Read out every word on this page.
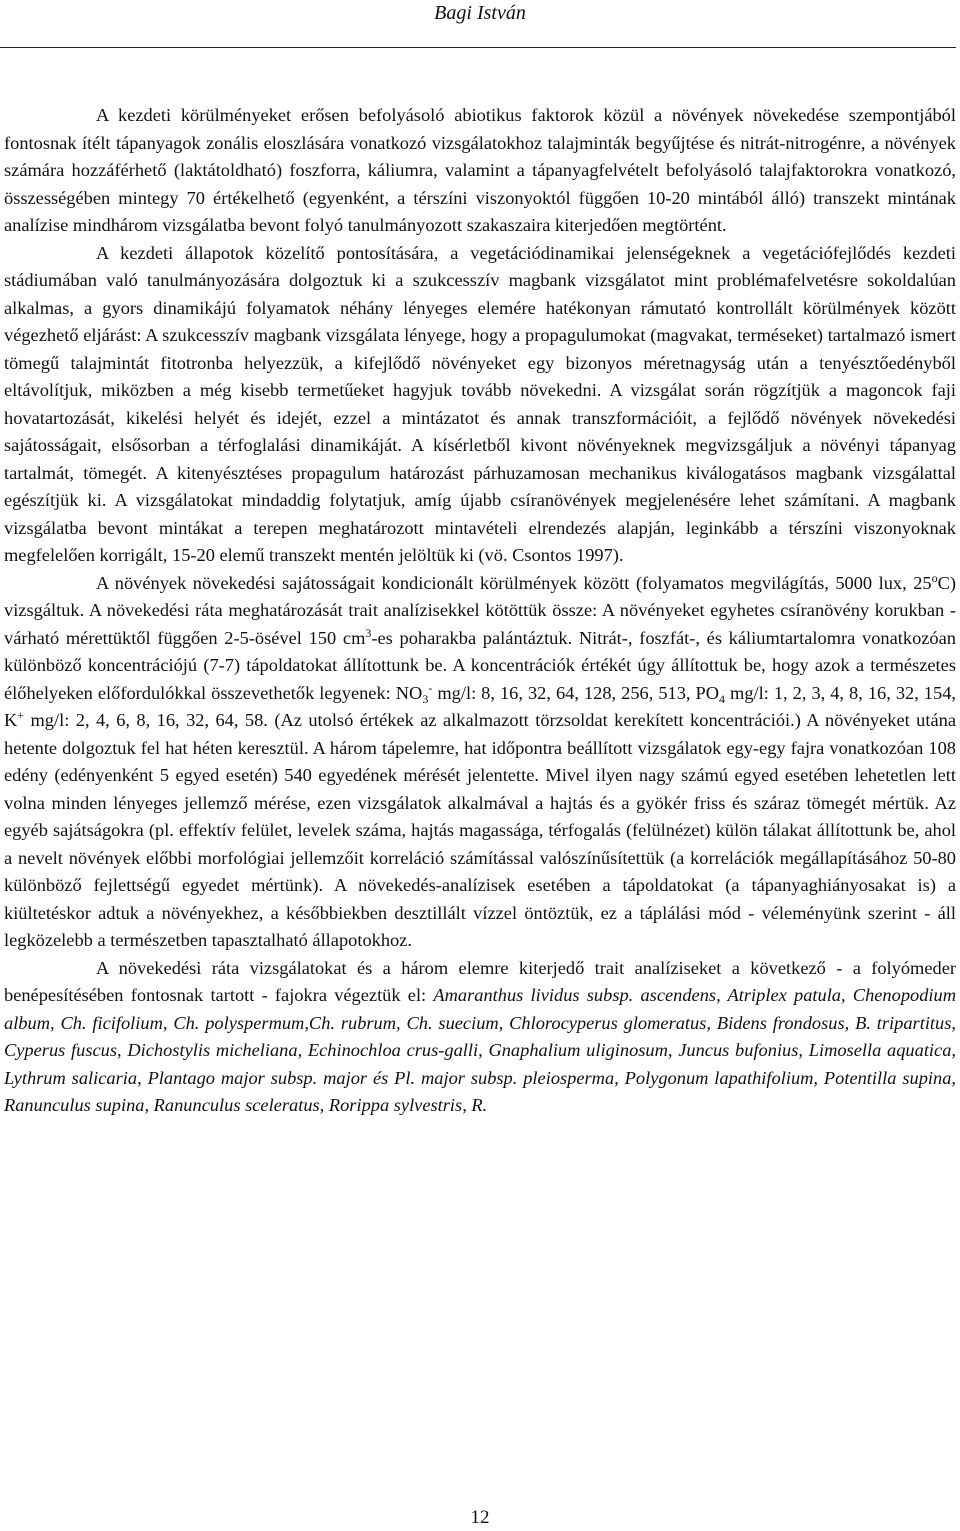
Bagi István

A kezdeti körülményeket erősen befolyásoló abiotikus faktorok közül a növények növekedése szempontjából fontosnak ítélt tápanyagok zonális eloszlására vonatkozó vizsgálatokhoz talajminták begyűjtése és nitrát-nitrogénre, a növények számára hozzáférhető (laktátoldható) foszforra, káliumra, valamint a tápanyagfelvételt befolyásoló talajfaktorokra vonatkozó, összességében mintegy 70 értékelhető (egyenként, a térszíni viszonyoktól függően 10-20 mintából álló) transzekt mintának analízise mindhárom vizsgálatba bevont folyó tanulmányozott szakaszaira kiterjedően megtörtént.

A kezdeti állapotok közelítő pontosítására, a vegetációdinamikai jelenségeknek a vegetációfejlődés kezdeti stádiumában való tanulmányozására dolgoztuk ki a szukcesszív magbank vizsgálatot mint problémafelvetésre sokoldalúan alkalmas, a gyors dinamikájú folyamatok néhány lényeges elemére hatékonyan rámutató kontrollált körülmények között végezhető eljárást: A szukcesszív magbank vizsgálata lényege, hogy a propagulumokat (magvakat, terméseket) tartalmazó ismert tömegű talajmintát fitotronba helyezzük, a kifejlődő növényeket egy bizonyos méretnagyság után a tenyésztőedényből eltávolítjuk, miközben a még kisebb termetűeket hagyjuk tovább növekedni. A vizsgálat során rögzítjük a magoncok faji hovatartozását, kikelési helyét és idejét, ezzel a mintázatot és annak transzformációit, a fejlődő növények növekedési sajátosságait, elsősorban a térfoglalási dinamikáját. A kísérletből kivont növényeknek megvizsgáljuk a növényi tápanyag tartalmát, tömegét. A kitenyésztéses propagulum határozást párhuzamosan mechanikus kiválogatásos magbank vizsgálattal egészítjük ki. A vizsgálatokat mindaddig folytatjuk, amíg újabb csíranövények megjelenésére lehet számítani. A magbank vizsgálatba bevont mintákat a terepen meghatározott mintavételi elrendezés alapján, leginkább a térszíni viszonyoknak megfelelően korrigált, 15-20 elemű transzekt mentén jelöltük ki (vö. Csontos 1997).

A növények növekedési sajátosságait kondicionált körülmények között (folyamatos megvilágítás, 5000 lux, 25$^o$C) vizsgáltuk. A növekedési ráta meghatározását trait analízisekkel kötöttük össze: A növényeket egyhetes csíranövény korukban - várható mérettüktől függően 2-5-ösével 150 $cm^3-es$ poharakba palántáztuk. Nitrát-, foszfát-, és káliumtartalomra vonatkozóan különböző koncentrációjú (7-7) tápoldatokat állítottunk be. A koncentrációk értékét úgy állítottuk be, hogy azok a természetes élőhelyeken előfordulókkal összevethetők legyenek: $NO_3^-$ mg/l: 8, 16, 32, 64, 128, 256, 513, $PO_4$ mg/l: 1, 2, 3, 4, 8, 16, 32, 154, K+ mg/l: 2, 4, 6, 8, 16, 32, 64, 58. (Az utolsó értékek az alkalmazott törzsoldat kerekített koncentrációi.) A növényeket utána hetente dolgoztuk fel hat héten keresztül. A három tápelemre, hat időpontra beállított vizsgálatok egy-egy fajra vonatkozóan 108 edény (edényenként 5 egyed esetén) 540 egyedének mérését jelentette. Mivel ilyen nagy számú egyed esetében lehetetlen lett volna minden lényeges jellemző mérése, ezen vizsgálatok alkalmával a hajtás és a gyökér friss és száraz tömegét mértük. Az egyéb sajátságokra (pl. effektív felület, levelek száma, hajtás magassága, térfogalás (felülnézet) külön tálakat állítottunk be, ahol a nevelt növények előbbi morfológiai jellemzőit korreláció számítással valószínűsítettük (a korrelációk megállapításához 50-80 különböző fejlettségű egyedet mértünk). A növekedés-analízisek esetében a tápoldatokat (a tápanyaghiányosakat is) a kiültetéskor adtuk a növényekhez, a későbbiekben desztillált vízzel öntöztük, ez a táplálási mód - véleményünk szerint - áll legközelebb a természetben tapasztalható állapotokhoz.

A növekedési ráta vizsgálatokat és a három elemre kiterjedő trait analíziseket a következő - a folyómeder benépesítésében fontosnak tartott - fajokra végeztük el: Amaranthus lividus subsp. ascendens, Atriplex patula, Chenopodium album, Ch. ficifolium, Ch. polyspermum,Ch. rubrum, Ch. suecium, Chlorocyperus glomeratus, Bidens frondosus, B. tripartitus, Cyperus fuscus, Dichostylis micheliana, Echinochloa crus-galli, Gnaphalium uliginosum, Juncus bufonius, Limosella aquatica, Lythrum salicaria, Plantago major subsp. major és Pl. major subsp. pleiosperma, Polygonum lapathifolium, Potentilla supina, Ranunculus supina, Ranunculus sceleratus, Rorippa sylvestris, R.

12
